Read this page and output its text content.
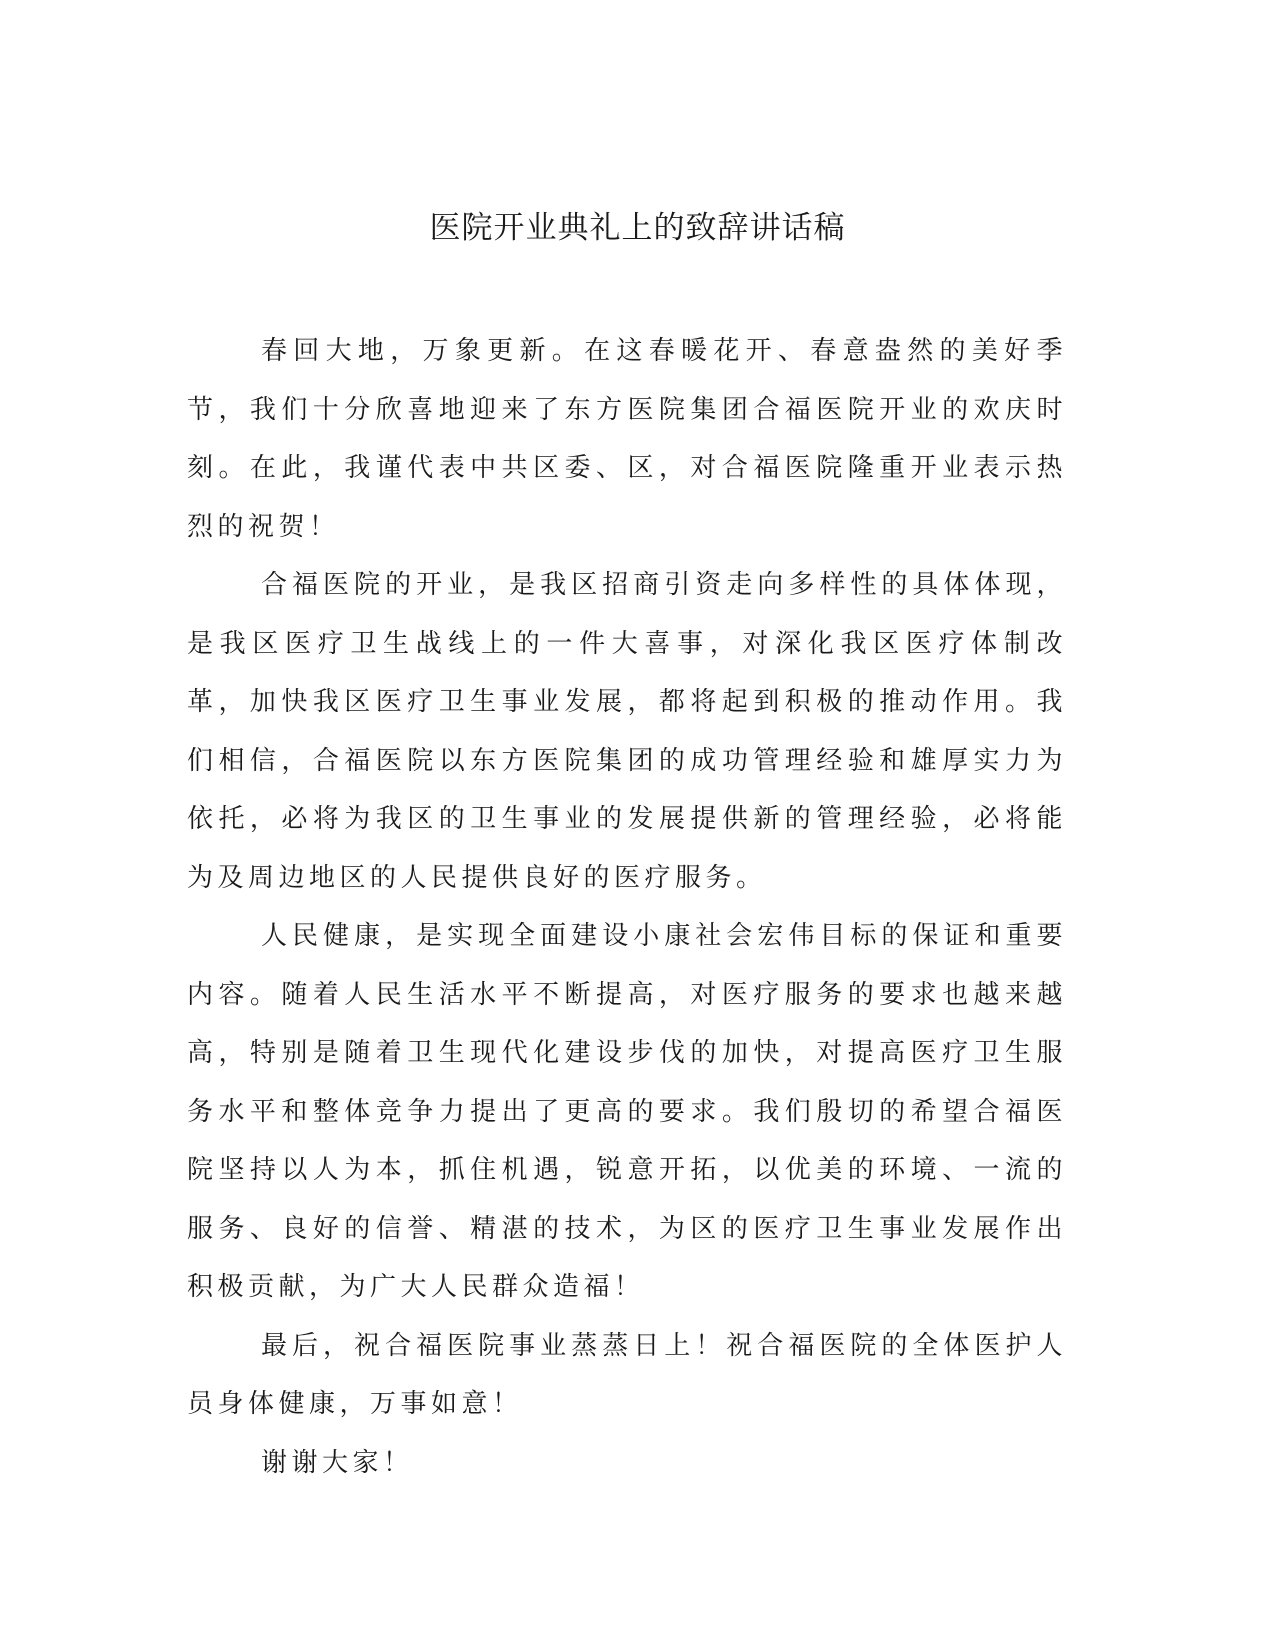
医院开业典礼上的致辞讲话稿

春回大地，万象更新。在这春暖花开、春意盎然的美好季节，我们十分欣喜地迎来了东方医院集团合福医院开业的欢庆时刻。在此，我谨代表中共区委、区，对合福医院隆重开业表示热烈的祝贺！

合福医院的开业，是我区招商引资走向多样性的具体体现，是我区医疗卫生战线上的一件大喜事，对深化我区医疗体制改革，加快我区医疗卫生事业发展，都将起到积极的推动作用。我们相信，合福医院以东方医院集团的成功管理经验和雄厚实力为依托，必将为我区的卫生事业的发展提供新的管理经验，必将能为及周边地区的人民提供良好的医疗服务。

人民健康，是实现全面建设小康社会宏伟目标的保证和重要内容。随着人民生活水平不断提高，对医疗服务的要求也越来越高，特别是随着卫生现代化建设步伐的加快，对提高医疗卫生服务水平和整体竞争力提出了更高的要求。我们殷切的希望合福医院坚持以人为本，抓住机遇，锐意开拓，以优美的环境、一流的服务、良好的信誉、精湛的技术，为区的医疗卫生事业发展作出积极贡献，为广大人民群众造福！

最后，祝合福医院事业蒸蒸日上！祝合福医院的全体医护人员身体健康，万事如意！

谢谢大家！
